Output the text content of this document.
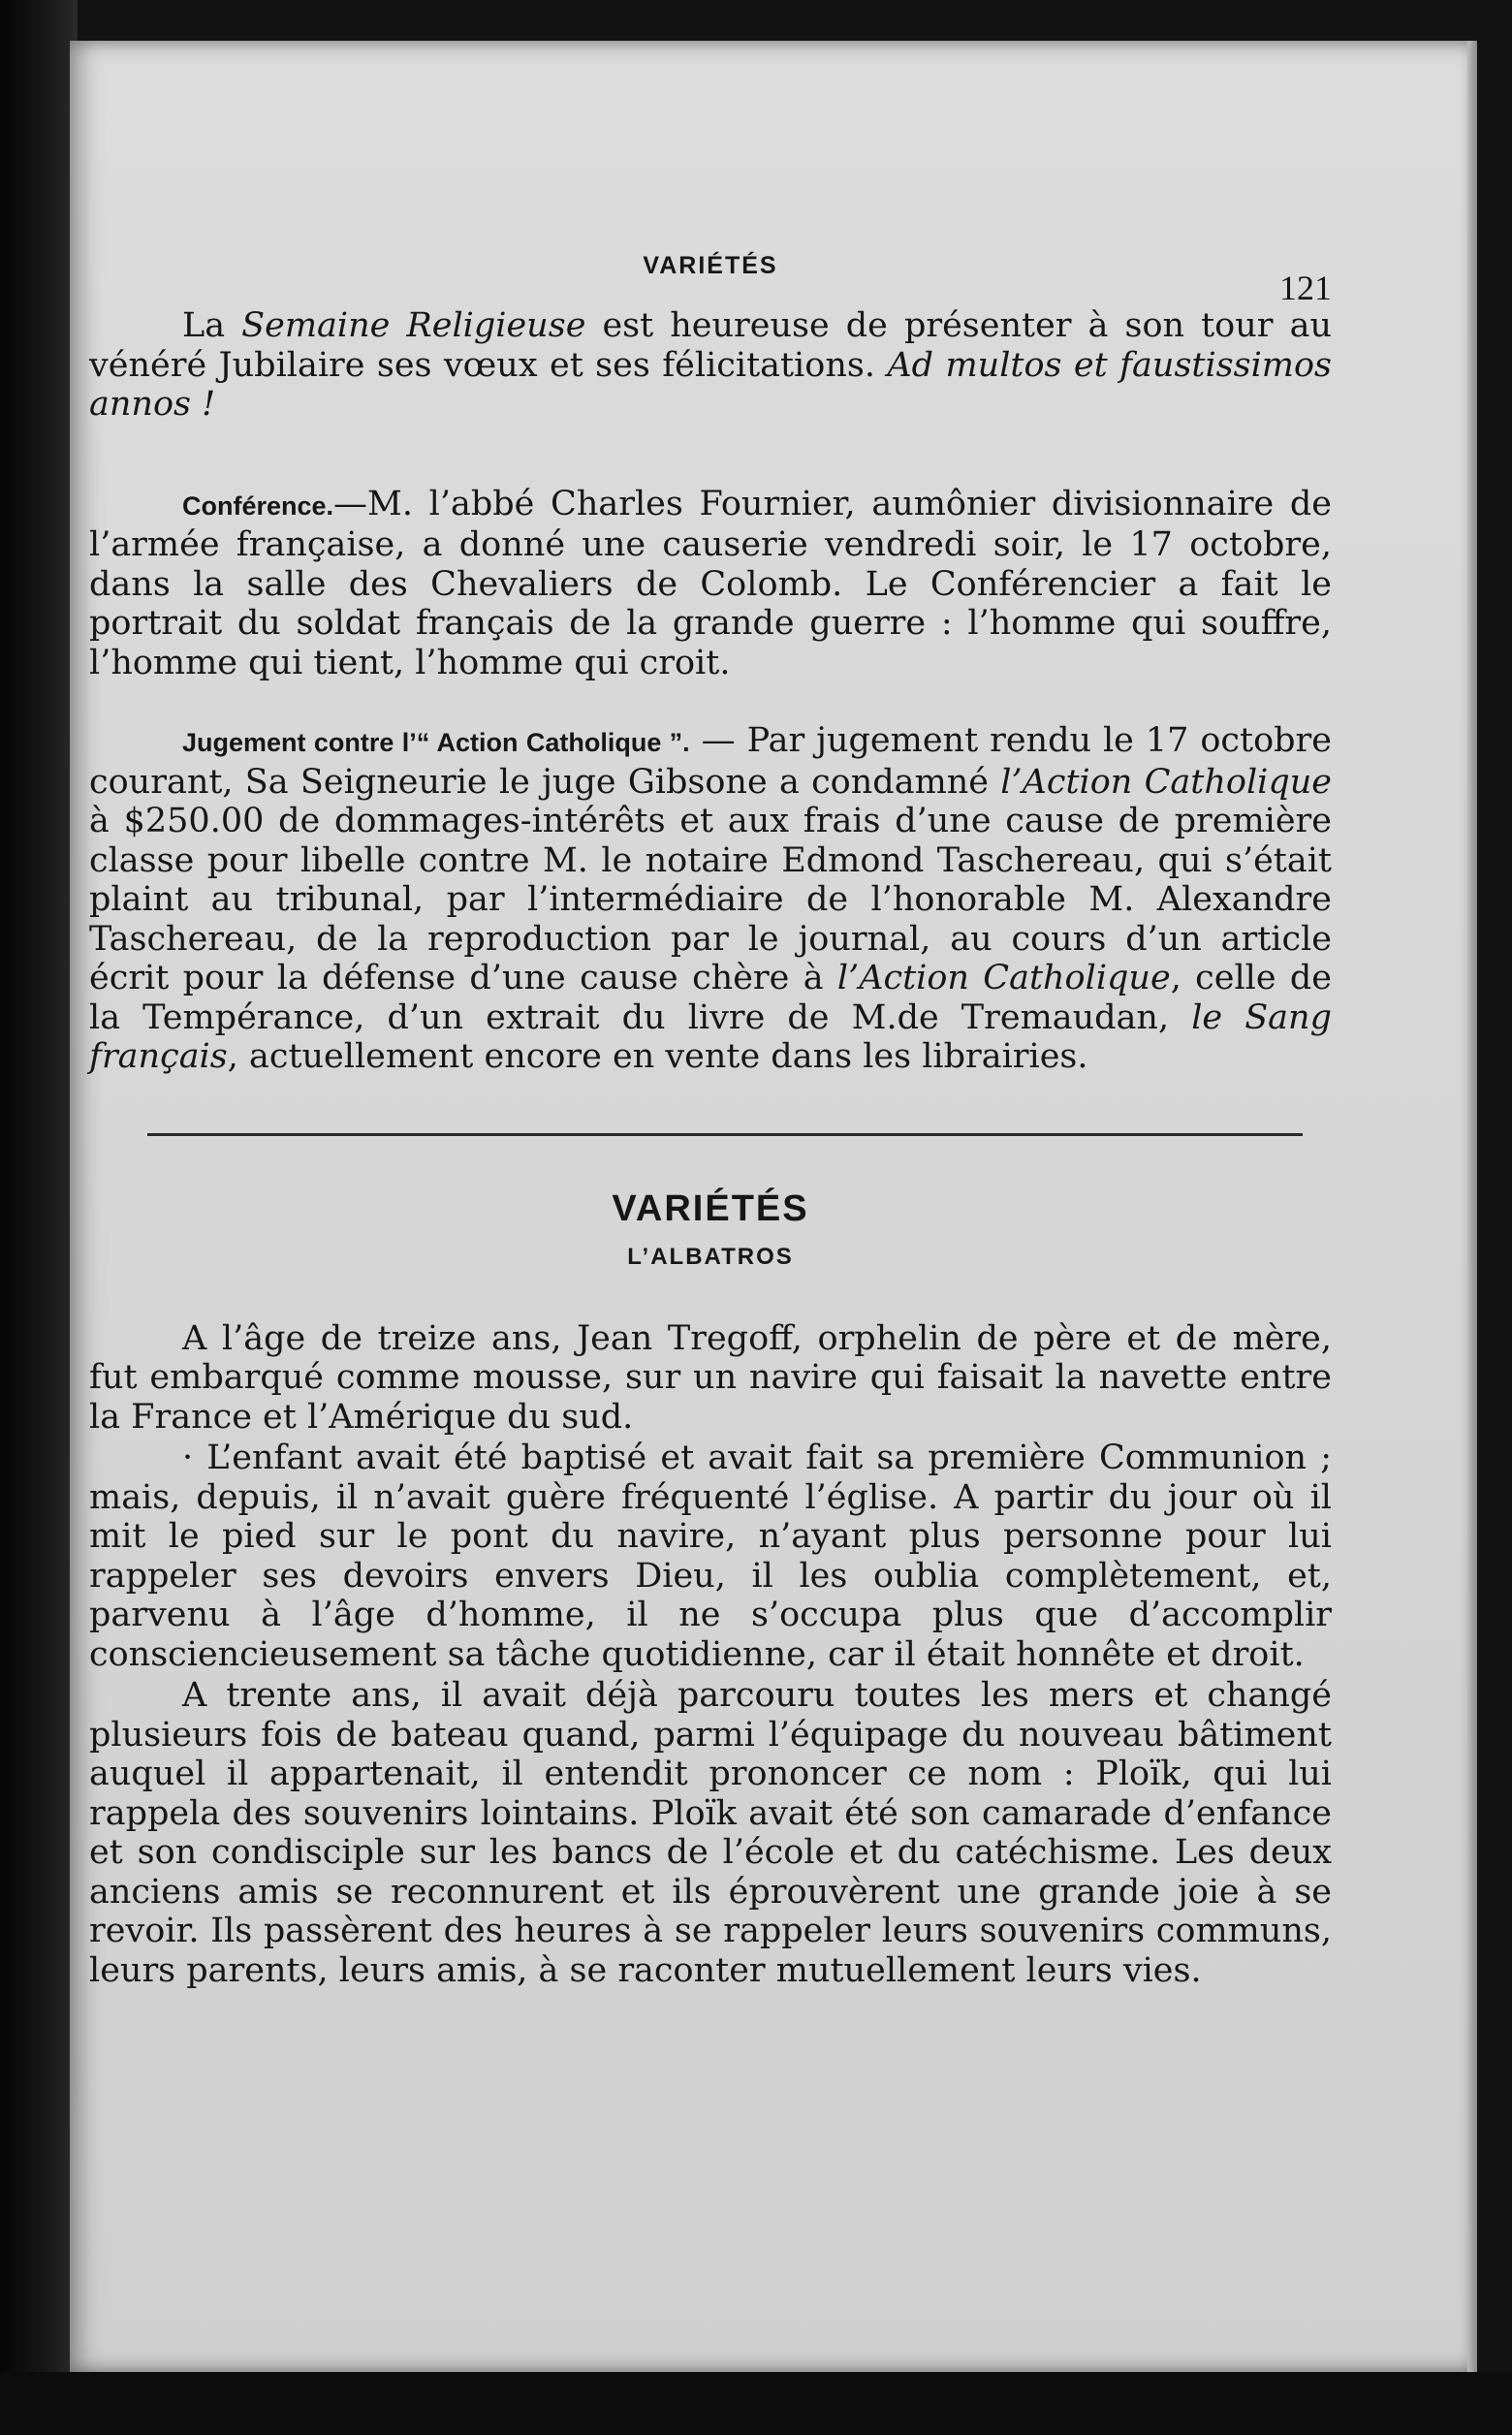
VARIÉTÉS
121

La Semaine Religieuse est heureuse de présenter à son tour au vénéré Jubilaire ses vœux et ses félicitations. Ad multos et faustissimos annos !

Conférence.—M. l’abbé Charles Fournier, aumônier divisionnaire de l’armée française, a donné une causerie vendredi soir, le 17 octobre, dans la salle des Chevaliers de Colomb. Le Conférencier a fait le portrait du soldat français de la grande guerre : l’homme qui souffre, l’homme qui tient, l’homme qui croit.

Jugement contre l’“ Action Catholique ”. — Par jugement rendu le 17 octobre courant, Sa Seigneurie le juge Gibsone a condamné l’Action Catholique à $250.00 de dommages-intérêts et aux frais d’une cause de première classe pour libelle contre M. le notaire Edmond Taschereau, qui s’était plaint au tribunal, par l’intermédiaire de l’honorable M. Alexandre Taschereau, de la reproduction par le journal, au cours d’un article écrit pour la défense d’une cause chère à l’Action Catholique, celle de la Tempérance, d’un extrait du livre de M.de Tremaudan, le Sang français, actuellement encore en vente dans les librairies.

VARIÉTÉS
L’ALBATROS

A l’âge de treize ans, Jean Tregoff, orphelin de père et de mère, fut embarqué comme mousse, sur un navire qui faisait la navette entre la France et l’Amérique du sud.

· L’enfant avait été baptisé et avait fait sa première Communion ; mais, depuis, il n’avait guère fréquenté l’église. A partir du jour où il mit le pied sur le pont du navire, n’ayant plus personne pour lui rappeler ses devoirs envers Dieu, il les oublia complètement, et, parvenu à l’âge d’homme, il ne s’occupa plus que d’accomplir consciencieusement sa tâche quotidienne, car il était honnête et droit.

A trente ans, il avait déjà parcouru toutes les mers et changé plusieurs fois de bateau quand, parmi l’équipage du nouveau bâtiment auquel il appartenait, il entendit prononcer ce nom : Ploïk, qui lui rappela des souvenirs lointains. Ploïk avait été son camarade d’enfance et son condisciple sur les bancs de l’école et du catéchisme. Les deux anciens amis se reconnurent et ils éprouvèrent une grande joie à se revoir. Ils passèrent des heures à se rappeler leurs souvenirs communs, leurs parents, leurs amis, à se raconter mutuellement leurs vies.
